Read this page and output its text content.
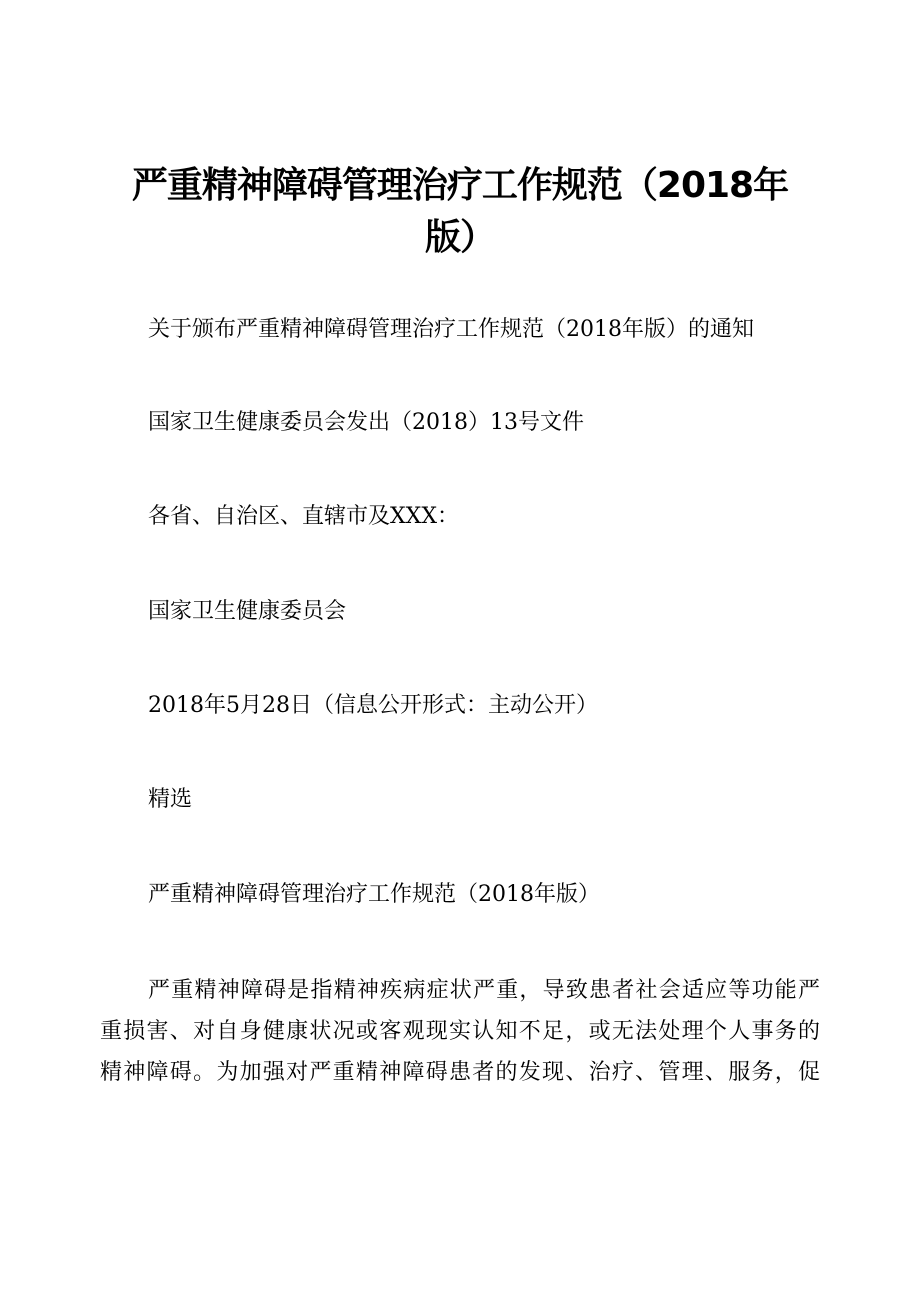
严重精神障碍管理治疗工作规范（2018年
版）
关于颁布严重精神障碍管理治疗工作规范（2018年版）的通知
国家卫生健康委员会发出（2018）13号文件
各省、自治区、直辖市及XXX：
国家卫生健康委员会
2018年5月28日（信息公开形式：主动公开）
精选
严重精神障碍管理治疗工作规范（2018年版）
严重精神障碍是指精神疾病症状严重，导致患者社会适应等功能严
重损害、对自身健康状况或客观现实认知不足，或无法处理个人事务的
精神障碍。为加强对严重精神障碍患者的发现、治疗、管理、服务，促
